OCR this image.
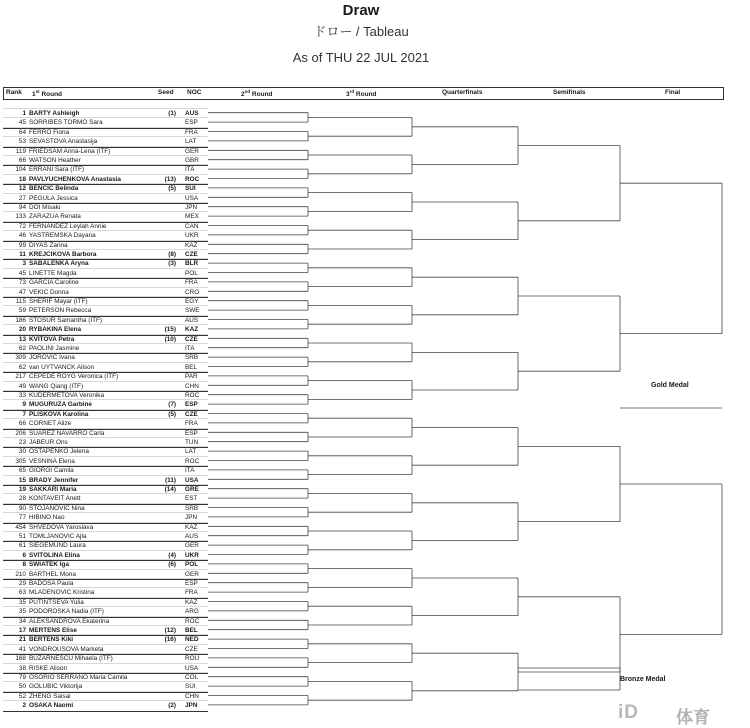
Draw
ドロー / Tableau
As of THU 22 JUL 2021
Rank 1st Round	Seed NOC	2nd Round	3rd Round	Quarterfinals	Semifinals	Final
1 BARTY Ashleigh	(1) AUS
45 SORRIBES TORMO Sara	ESP
64 FERRO Fiona	FRA
53 SEVASTOVA Anastasija	LAT
119 FRIEDSAM Anna-Lena (ITF)	GER
66 WATSON Heather	GBR
104 ERRANI Sara (ITF)	ITA
18 PAVLYUCHENKOVA Anastasia	(13) ROC
12 BENCIC Belinda	(5) SUI
27 PEGULA Jessica	USA
94 DOI Misaki	JPN
133 ZARAZUA Renata	MEX
72 FERNANDEZ Leylah Annie	CAN
46 YASTREMSKA Dayana	UKR
99 DIYAS Zarina	KAZ
11 KREJCIKOVA Barbora	(8) CZE
3 SABALENKA Aryna	(3) BLR
45 LINETTE Magda	POL
73 GARCIA Caroline	FRA
47 VEKIC Donna	CRO
115 SHERIF Mayar (ITF)	EGY
59 PETERSON Rebecca	SWE
186 STOSUR Samantha (ITF)	AUS
20 RYBAKINA Elena	(15) KAZ
13 KVITOVA Petra	(10) CZE
62 PAOLINI Jasmine	ITA
309 JOROVIC Ivana	SRB
62 van UYTVANCK Alison	BEL
217 CEPEDE ROYG Veronica (ITF)	PAR
49 WANG Qiang (ITF)	CHN
33 KUDERMETOVA Veronika	ROC
9 MUGURUZA Garbine	(7) ESP
7 PLISKOVA Karolina	(5) CZE
66 CORNET Alize	FRA
206 SUAREZ NAVARRO Carla	ESP
23 JABEUR Ons	TUN
30 OSTAPENKO Jelena	LAT
305 VESNINA Elena	ROC
65 GIORGI Camila	ITA
15 BRADY Jennifer	(11) USA
19 SAKKARI Maria	(14) GRE
28 KONTAVEIT Anett	EST
90 STOJANOVIC Nina	SRB
77 HIBINO Nao	JPN
454 SHVEDOVA Yaroslava	KAZ
51 TOMLJANOVIC Ajla	AUS
61 SIEGEMUND Laura	GER
6 SVITOLINA Elina	(4) UKR
8 SWIATEK Iga	(6) POL
210 BARTHEL Mona	GER
29 BADOSA Paula	ESP
63 MLADENOVIC Kristina	FRA
35 PUTINTSEVA Yulia	KAZ
35 PODOROSKA Nadia (ITF)	ARG
34 ALEKSANDROVA Ekaterina	ROC
17 MERTENS Elise	(12) BEL
21 BERTENS Kiki	(16) NED
41 VONDROUSOVA Marketa	CZE
168 BUZARNESCU Mihaela (ITF)	ROU
38 RISKE Alison	USA
79 OSORIO SERRANO Maria Camila	COL
50 GOLUBIC Viktorija	SUI
52 ZHENG Saisai	CHN
2 OSAKA Naomi	(2) JPN
Gold Medal
Bronze Medal
iD 体育
